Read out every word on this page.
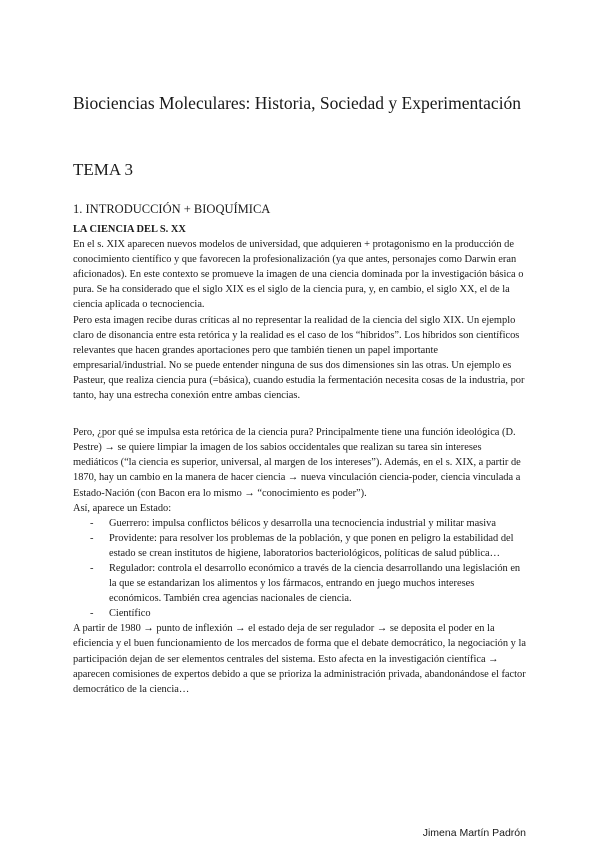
Biociencias Moleculares: Historia, Sociedad y Experimentación
TEMA 3
1. INTRODUCCIÓN + BIOQUÍMICA

LA CIENCIA DEL S. XX

En el s. XIX aparecen nuevos modelos de universidad, que adquieren + protagonismo en la producción de conocimiento científico y que favorecen la profesionalización (ya que antes, personajes como Darwin eran aficionados). En este contexto se promueve la imagen de una ciencia dominada por la investigación básica o pura. Se ha considerado que el siglo XIX es el siglo de la ciencia pura, y, en cambio, el siglo XX, el de la ciencia aplicada o tecnociencia.

Pero esta imagen recibe duras críticas al no representar la realidad de la ciencia del siglo XIX. Un ejemplo claro de disonancia entre esta retórica y la realidad es el caso de los “híbridos”. Los híbridos son científicos relevantes que hacen grandes aportaciones pero que también tienen un papel importante empresarial/industrial. No se puede entender ninguna de sus dos dimensiones sin las otras. Un ejemplo es Pasteur, que realiza ciencia pura (=básica), cuando estudia la fermentación necesita cosas de la industria, por tanto, hay una estrecha conexión entre ambas ciencias.

Pero, ¿por qué se impulsa esta retórica de la ciencia pura? Principalmente tiene una función ideológica (D. Pestre) → se quiere limpiar la imagen de los sabios occidentales que realizan su tarea sin intereses mediáticos (“la ciencia es superior, universal, al margen de los intereses”). Además, en el s. XIX, a partir de 1870, hay un cambio en la manera de hacer ciencia → nueva vinculación ciencia-poder, ciencia vinculada a Estado-Nación (con Bacon era lo mismo → “conocimiento es poder”).

Así, aparece un Estado:

- Guerrero: impulsa conflictos bélicos y desarrolla una tecnociencia industrial y militar masiva
- Providente: para resolver los problemas de la población, y que ponen en peligro la estabilidad del estado se crean institutos de higiene, laboratorios bacteriológicos, políticas de salud pública…
- Regulador: controla el desarrollo económico a través de la ciencia desarrollando una legislación en la que se estandarizan los alimentos y los fármacos, entrando en juego muchos intereses económicos. También crea agencias nacionales de ciencia.
- Científico

A partir de 1980 → punto de inflexión → el estado deja de ser regulador → se deposita el poder en la eficiencia y el buen funcionamiento de los mercados de forma que el debate democrático, la negociación y la participación dejan de ser elementos centrales del sistema. Esto afecta en la investigación científica → aparecen comisiones de expertos debido a que se prioriza la administración privada, abandonándose el factor democrático de la ciencia…

Jimena Martín Padrón
